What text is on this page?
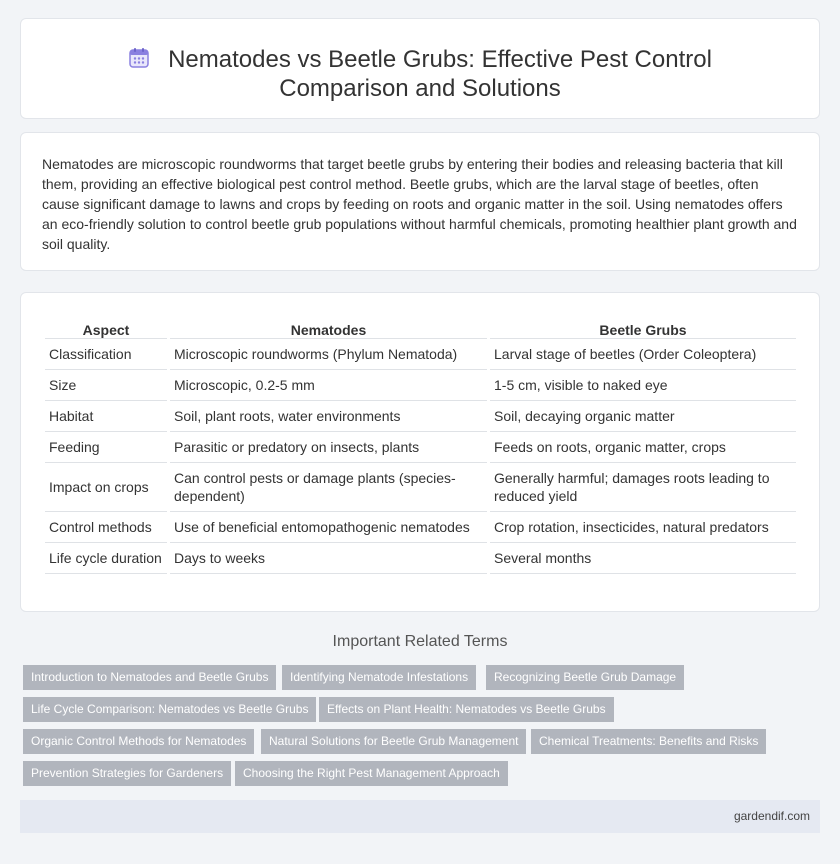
Nematodes vs Beetle Grubs: Effective Pest Control Comparison and Solutions
Nematodes are microscopic roundworms that target beetle grubs by entering their bodies and releasing bacteria that kill them, providing an effective biological pest control method. Beetle grubs, which are the larval stage of beetles, often cause significant damage to lawns and crops by feeding on roots and organic matter in the soil. Using nematodes offers an eco-friendly solution to control beetle grub populations without harmful chemicals, promoting healthier plant growth and soil quality.
Aspect	Nematodes	Beetle Grubs
Classification	Microscopic roundworms (Phylum Nematoda)	Larval stage of beetles (Order Coleoptera)
Size	Microscopic, 0.2-5 mm	1-5 cm, visible to naked eye
Habitat	Soil, plant roots, water environments	Soil, decaying organic matter
Feeding	Parasitic or predatory on insects, plants	Feeds on roots, organic matter, crops
Impact on crops	Can control pests or damage plants (species-dependent)	Generally harmful; damages roots leading to reduced yield
Control methods	Use of beneficial entomopathogenic nematodes	Crop rotation, insecticides, natural predators
Life cycle duration	Days to weeks	Several months
Important Related Terms
Introduction to Nematodes and Beetle Grubs	Identifying Nematode Infestations	Recognizing Beetle Grub Damage
Life Cycle Comparison: Nematodes vs Beetle Grubs	Effects on Plant Health: Nematodes vs Beetle Grubs
Organic Control Methods for Nematodes	Natural Solutions for Beetle Grub Management	Chemical Treatments: Benefits and Risks
Prevention Strategies for Gardeners	Choosing the Right Pest Management Approach
gardendif.com
